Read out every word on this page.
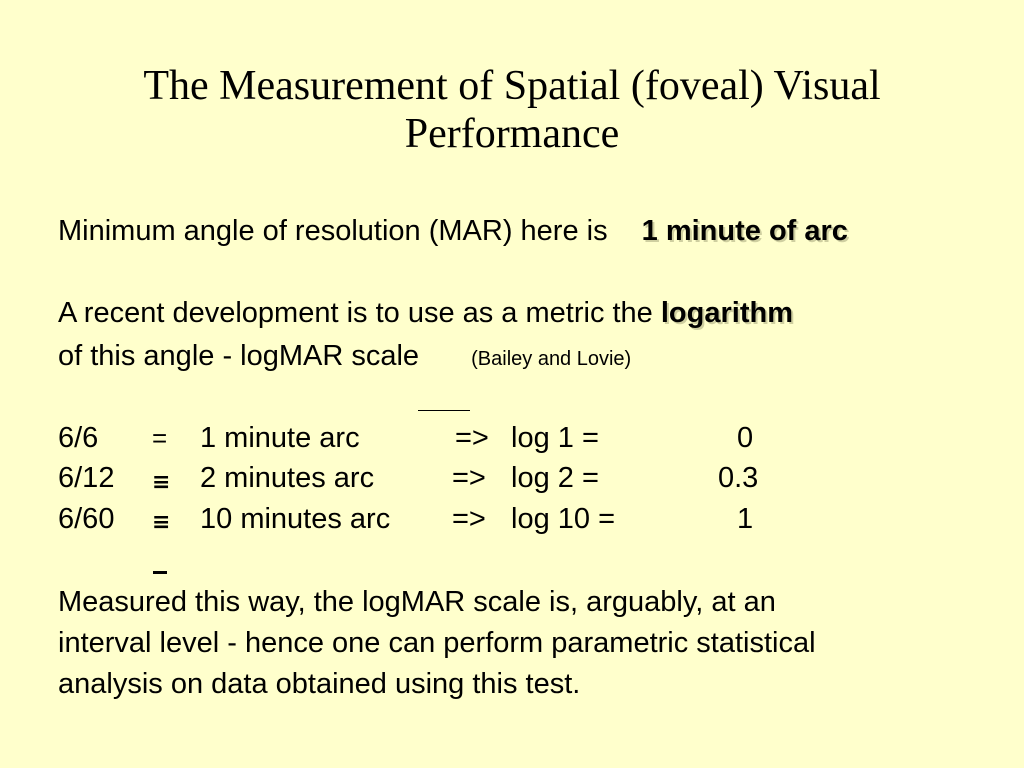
The Measurement of Spatial (foveal) Visual Performance
Minimum angle of resolution (MAR) here is 1 minute of arc
A recent development is to use as a metric the logarithm
of this angle - logMAR scale	(Bailey and Lovie)
6/6 = 1 minute arc	=> log 1 =	0
6/12 ≡ 2 minutes arc	=> log 2 =	0.3
6/60 ≡ 10 minutes arc => log 10 =	1
Measured this way, the logMAR scale is, arguably, at an
interval level - hence one can perform parametric statistical
analysis on data obtained using this test.
